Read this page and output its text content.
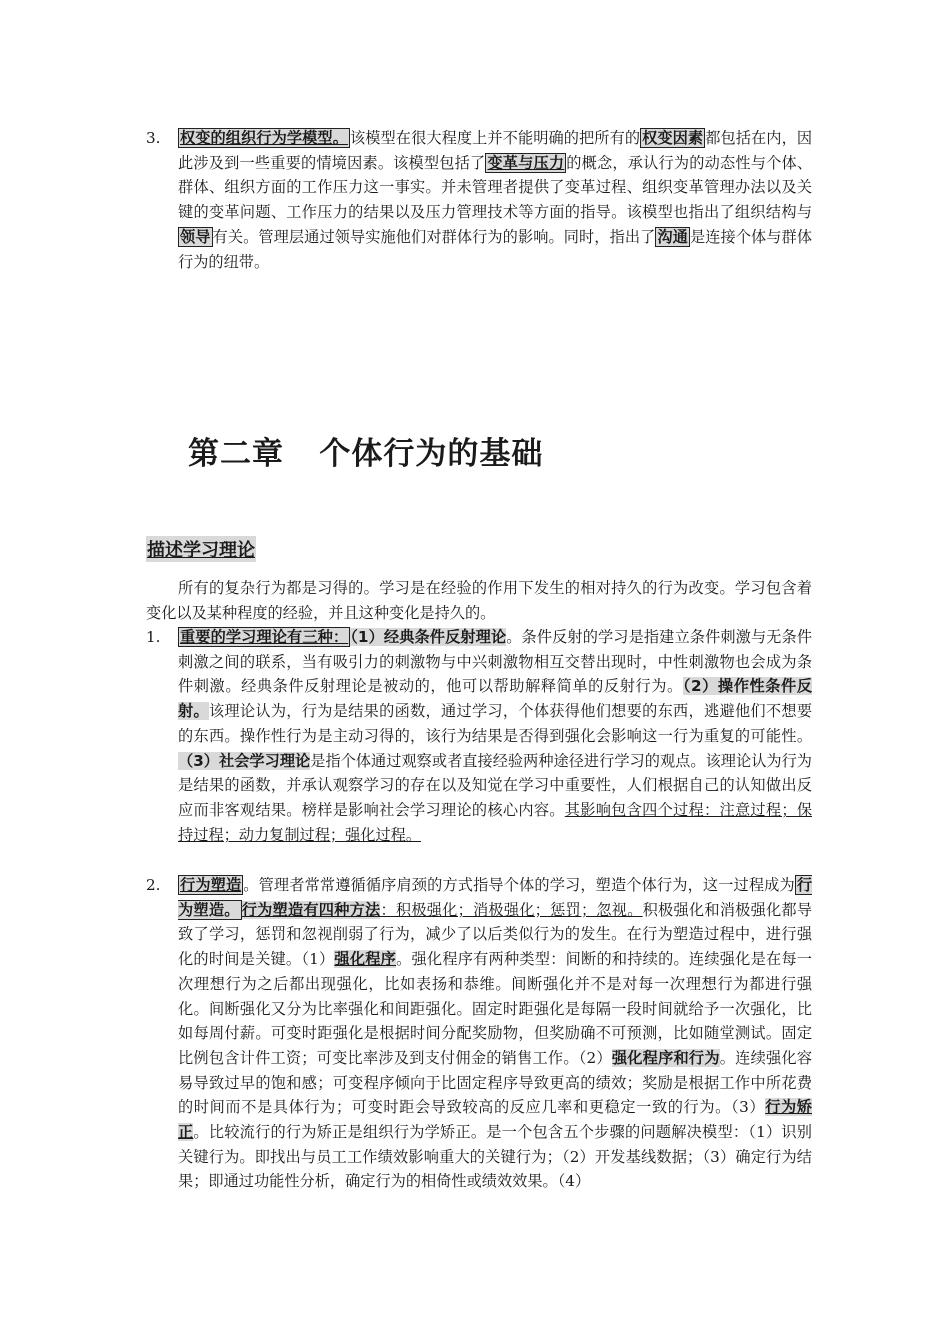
3.	权变的组织行为学模型。 该模型在很大程度上并不能明确的把所有的 权变因素 都包括在内，因此涉及到一些重要的情境因素。该模型包括了 变革与压力 的概念，承认行为的动态性与个体、群体、组织方面的工作压力这一事实。并未管理者提供了变革过程、组织变革管理办法以及关键的变革问题、工作压力的结果以及压力管理技术等方面的指导。该模型也指出了组织结构与领导 有关。管理层通过领导实施他们对群体行为的影响。同时，指出了 沟通 是连接个体与群体行为的纽带。
第二章   个体行为的基础
描述学习理论
所有的复杂行为都是习得的。学习是在经验的作用下发生的相对持久的行为改变。学习包含着变化以及某种程度的经验，并且这种变化是持久的。
1.	重要的学习理论有三种： （1）经典条件反射理论。条件反射的学习是指建立条件刺激与无条件刺激之间的联系，当有吸引力的刺激物与中兴刺激物相互交替出现时，中性刺激物也会成为条件刺激。经典条件反射理论是被动的，他可以帮助解释简单的反射行为。（2）操作性条件反射。该理论认为，行为是结果的函数，通过学习，个体获得他们想要的东西，逃避他们不想要的东西。操作性行为是主动习得的，该行为结果是否得到强化会影响这一行为重复的可能性。（3）社会学习理论是指个体通过观察或者直接经验两种途径进行学习的观点。该理论认为行为是结果的函数，并承认观察学习的存在以及知觉在学习中重要性，人们根据自己的认知做出反应而非客观结果。榜样是影响社会学习理论的核心内容。其影响包含四个过程：注意过程；保持过程；动力复制过程；强化过程。
2.	行为塑造 。管理者常常遵循循序肩颈的方式指导个体的学习，塑造个体行为，这一过程成为 行为塑造。 行为塑造有四种方法：积极强化；消极强化；惩罚；忽视。积极强化和消极强化都导致了学习，惩罚和忽视削弱了行为，减少了以后类似行为的发生。在行为塑造过程中，进行强化的时间是关键。（1）强化程序。强化程序有两种类型：间断的和持续的。连续强化是在每一次理想行为之后都出现强化，比如表扬和恭维。间断强化并不是对每一次理想行为都进行强化。间断强化又分为比率强化和间距强化。固定时距强化是每隔一段时间就给予一次强化，比如每周付薪。可变时距强化是根据时间分配奖励物，但奖励确不可预测，比如随堂测试。固定比例包含计件工资；可变比率涉及到支付佣金的销售工作。（2）强化程序和行为。连续强化容易导致过早的饱和感；可变程序倾向于比固定程序导致更高的绩效；奖励是根据工作中所花费的时间而不是具体行为；可变时距会导致较高的反应几率和更稳定一致的行为。（3）行为矫正。比较流行的行为矫正是组织行为学矫正。是一个包含五个步骤的问题解决模型：（1）识别关键行为。即找出与员工工作绩效影响重大的关键行为；（2）开发基线数据；（3）确定行为结果；即通过功能性分析，确定行为的相倚性或绩效效果。（4）
